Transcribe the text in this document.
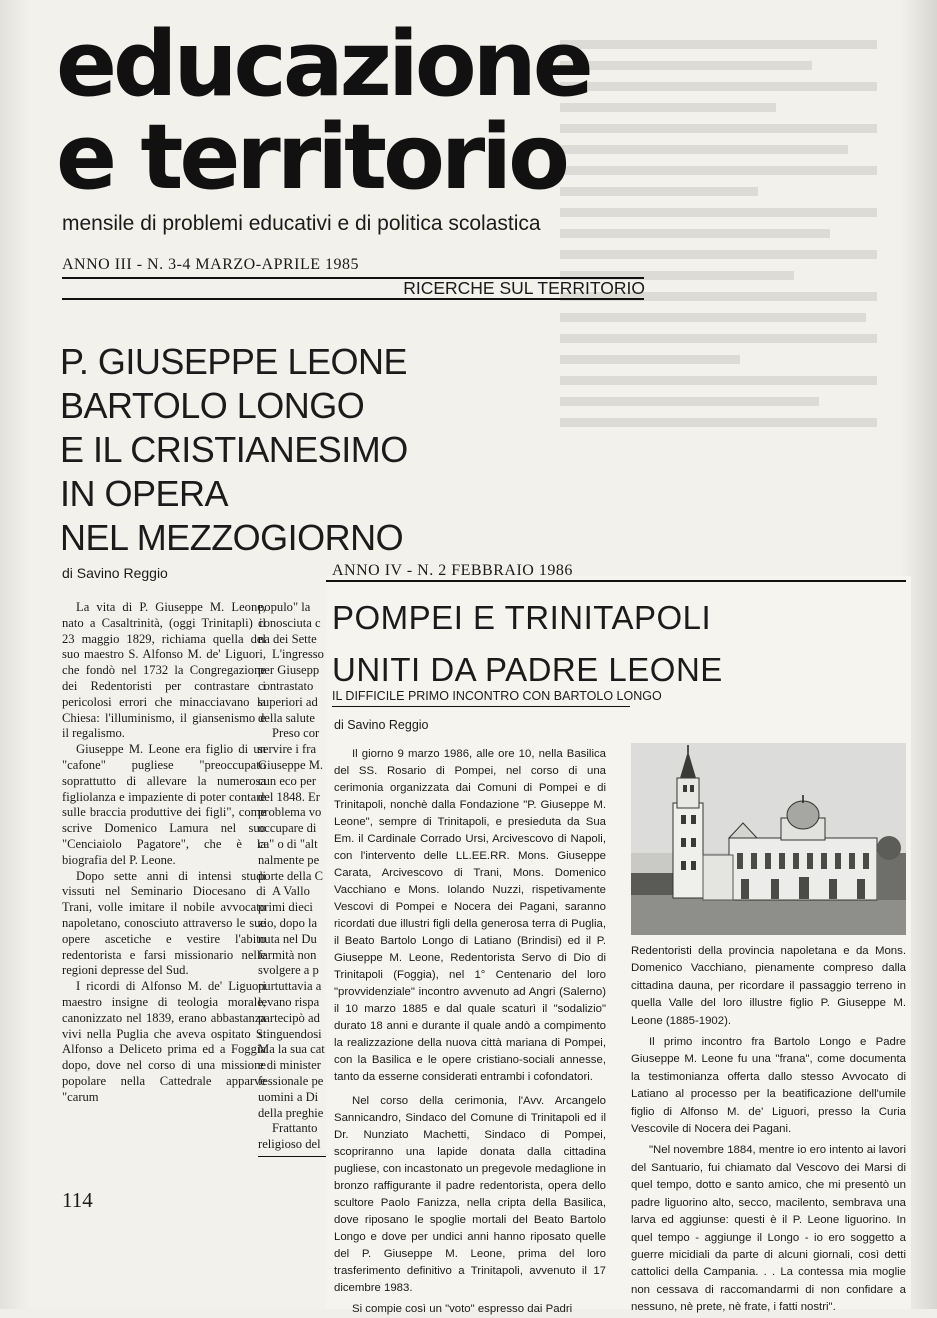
educazione
e territorio
mensile di problemi educativi e di politica scolastica
ANNO III - N. 3-4 MARZO-APRILE 1985
RICERCHE SUL TERRITORIO
P. GIUSEPPE LEONE
BARTOLO LONGO
E IL CRISTIANESIMO
IN OPERA
NEL MEZZOGIORNO
di Savino Reggio

La vita di P. Giuseppe M. Leone, nato a Casaltrinità, (oggi Trinitapli) il 23 maggio 1829, richiama quella del suo maestro S. Alfonso M. de' Liguori, che fondò nel 1732 la Congregazione dei Redentoristi per contrastare i pericolosi errori che minacciavano la Chiesa: l'illuminismo, il giansenismo e il regalismo.

Giuseppe M. Leone era figlio di un "cafone" pugliese "preoccupato soprattutto di allevare la numerosa figliolanza e impaziente di poter contare sulle braccia produttive dei figli", come scrive Domenico Lamura nel suo "Cenciaiolo Pagatore", che è la biografia del P. Leone.

Dopo sette anni di intensi studi vissuti nel Seminario Diocesano di Trani, volle imitare il nobile avvocato napoletano, conosciuto attraverso le sue opere ascetiche e vestire l'abito redentorista e farsi missionario nelle regioni depresse del Sud.

I ricordi di Alfonso M. de' Liguori maestro insigne di teologia morale, canonizzato nel 1839, erano abbastanza vivi nella Puglia che aveva ospitato S. Alfonso a Deliceto prima ed a Foggia dopo, dove nel corso di una missione popolare nella Cattedrale apparve "carum

populo" la
conosciuta c
na dei Sette
L'ingresso
per Giusepp
contrastato
superiori ad
della salute
Preso cor
servire i fra
Giuseppe M.
cun eco per
del 1848. Er
problema vo
occupare di
ca" o di "alt
nalmente pe
porte della C
A Vallo
primi dieci
zio, dopo la
nuta nel Du
farmità non
svolgere a p
purtuttavia a
levano rispa
partecipò ad
stinguendosi
Ma la sua cat
e di minister
fessionale pe
uomini a Di
della preghie
Frattanto
religioso del
114
ANNO IV - N. 2 FEBBRAIO 1986
POMPEI E TRINITAPOLI
UNITI DA PADRE LEONE
IL DIFFICILE PRIMO INCONTRO CON BARTOLO LONGO
di Savino Reggio

Il giorno 9 marzo 1986, alle ore 10, nella Basilica del SS. Rosario di Pompei, nel corso di una cerimonia organizzata dai Comuni di Pompei e di Trinitapoli, nonchè dalla Fondazione "P. Giuseppe M. Leone", sempre di Trinitapoli, e presieduta da Sua Em. il Cardinale Corrado Ursi, Arcivescovo di Napoli, con l'intervento delle LL.EE.RR. Mons. Giuseppe Carata, Arcivescovo di Trani, Mons. Domenico Vacchiano e Mons. Iolando Nuzzi, rispetivamente Vescovi di Pompei e Nocera dei Pagani, saranno ricordati due illustri figli della generosa terra di Puglia, il Beato Bartolo Longo di Latiano (Brindisi) ed il P. Giuseppe M. Leone, Redentorista Servo di Dio di Trinitapoli (Foggia), nel 1° Centenario del loro "provvidenziale" incontro avvenuto ad Angri (Salerno) il 10 marzo 1885 e dal quale scaturì il "sodalizio" durato 18 anni e durante il quale andò a compimento la realizzazione della nuova città mariana di Pompei, con la Basilica e le opere cristiano-sociali annesse, tanto da esserne considerati entrambi i cofondatori.

Nel corso della cerimonia, l'Avv. Arcangelo Sannicandro, Sindaco del Comune di Trinitapoli ed il Dr. Nunziato Machetti, Sindaco di Pompei, scopriranno una lapide donata dalla cittadina pugliese, con incastonato un pregevole medaglione in bronzo raffigurante il padre redentorista, opera dello scultore Paolo Fanizza, nella cripta della Basilica, dove riposano le spoglie mortali del Beato Bartolo Longo e dove per undici anni hanno riposato quelle del P. Giuseppe M. Leone, prima del loro trasferimento definitivo a Trinitapoli, avvenuto il 17 dicembre 1983.

Si compie così un "voto" espresso dai Padri

Redentoristi della provincia napoletana e da Mons. Domenico Vacchiano, pienamente compreso dalla cittadina dauna, per ricordare il passaggio terreno in quella Valle del loro illustre figlio P. Giuseppe M. Leone (1885-1902).

Il primo incontro fra Bartolo Longo e Padre Giuseppe M. Leone fu una "frana", come documenta la testimonianza offerta dallo stesso Avvocato di Latiano al processo per la beatificazione dell'umile figlio di Alfonso M. de' Liguori, presso la Curia Vescovile di Nocera dei Pagani.

"Nel novembre 1884, mentre io ero intento ai lavori del Santuario, fui chiamato dal Vescovo dei Marsi di quel tempo, dotto e santo amico, che mi presentò un padre liguorino alto, secco, macilento, sembrava una larva ed aggiunse: questi è il P. Leone liguorino. In quel tempo - aggiunge il Longo - io ero soggetto a guerre micidiali da parte di alcuni giornali, così detti cattolici della Campania. . . La contessa mia moglie non cessava di raccomandarmi di non confidare a nessuno, nè prete, nè frate, i fatti nostri".
